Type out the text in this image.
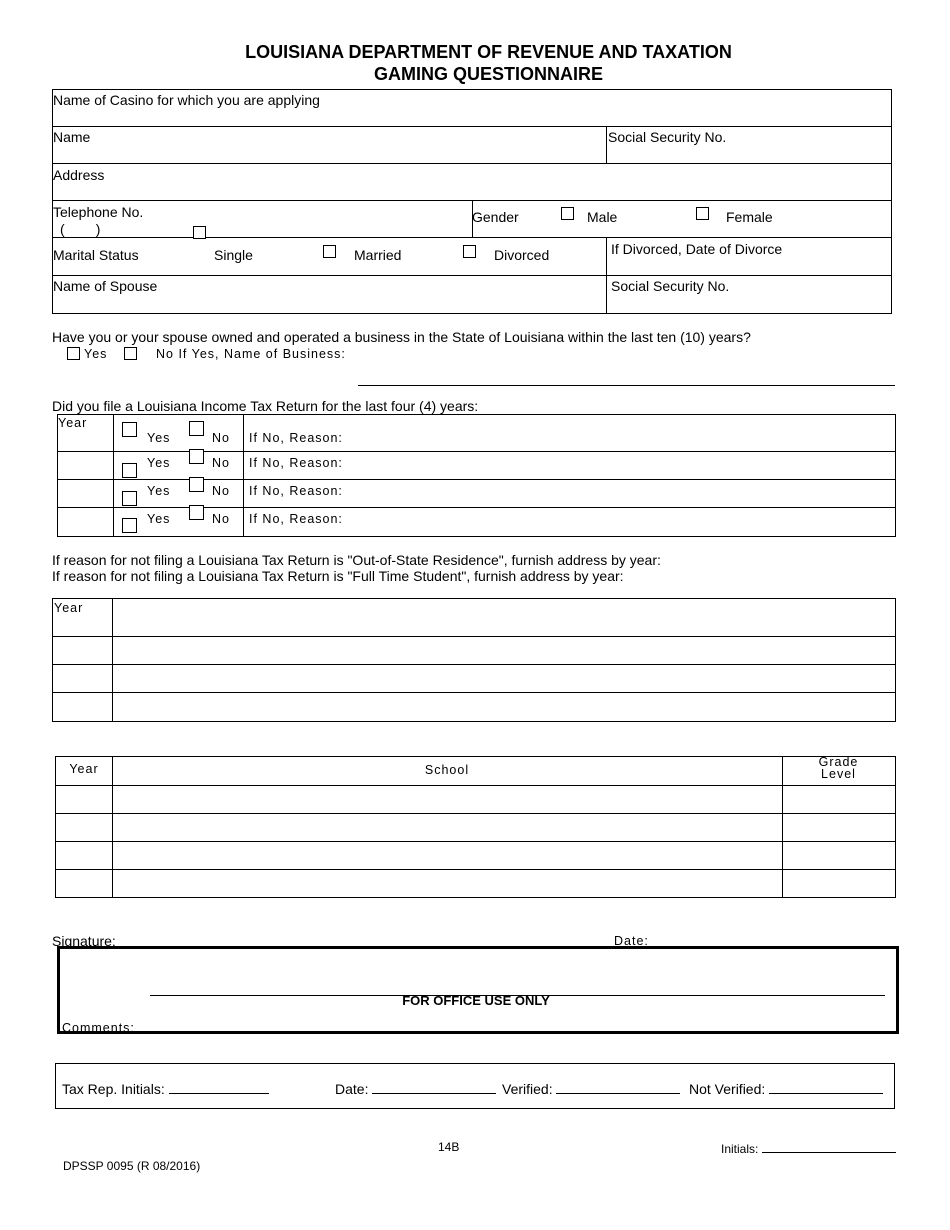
LOUISIANA DEPARTMENT OF REVENUE AND TAXATION
GAMING QUESTIONNAIRE
Name of Casino for which you are applying
Name	Social Security No.
Address
Telephone No.
(        )
Gender	Male	Female
Marital Status	Single	Married	Divorced	If Divorced, Date of Divorce
Name of Spouse	Social Security No.
Have you or your spouse owned and operated a business in the State of Louisiana within the last ten (10) years?
Yes	No If Yes, Name of Business:
Did you file a Louisiana Income Tax Return for the last four (4) years:
Year
Yes	No If No, Reason:
Yes	No If No, Reason:
Yes	No If No, Reason:
Yes	No If No, Reason:
If reason for not filing a Louisiana Tax Return is "Out-of-State Residence", furnish address by year:
If reason for not filing a Louisiana Tax Return is "Full Time Student", furnish address by year:
Year
Year	School
Grade
Level
Signature:	Date:
FOR OFFICE USE ONLY
Comments:
Tax Rep. Initials:	Date:	Verified:	Not Verified:
14B	Initials:
DPSSP 0095 (R 08/2016)
